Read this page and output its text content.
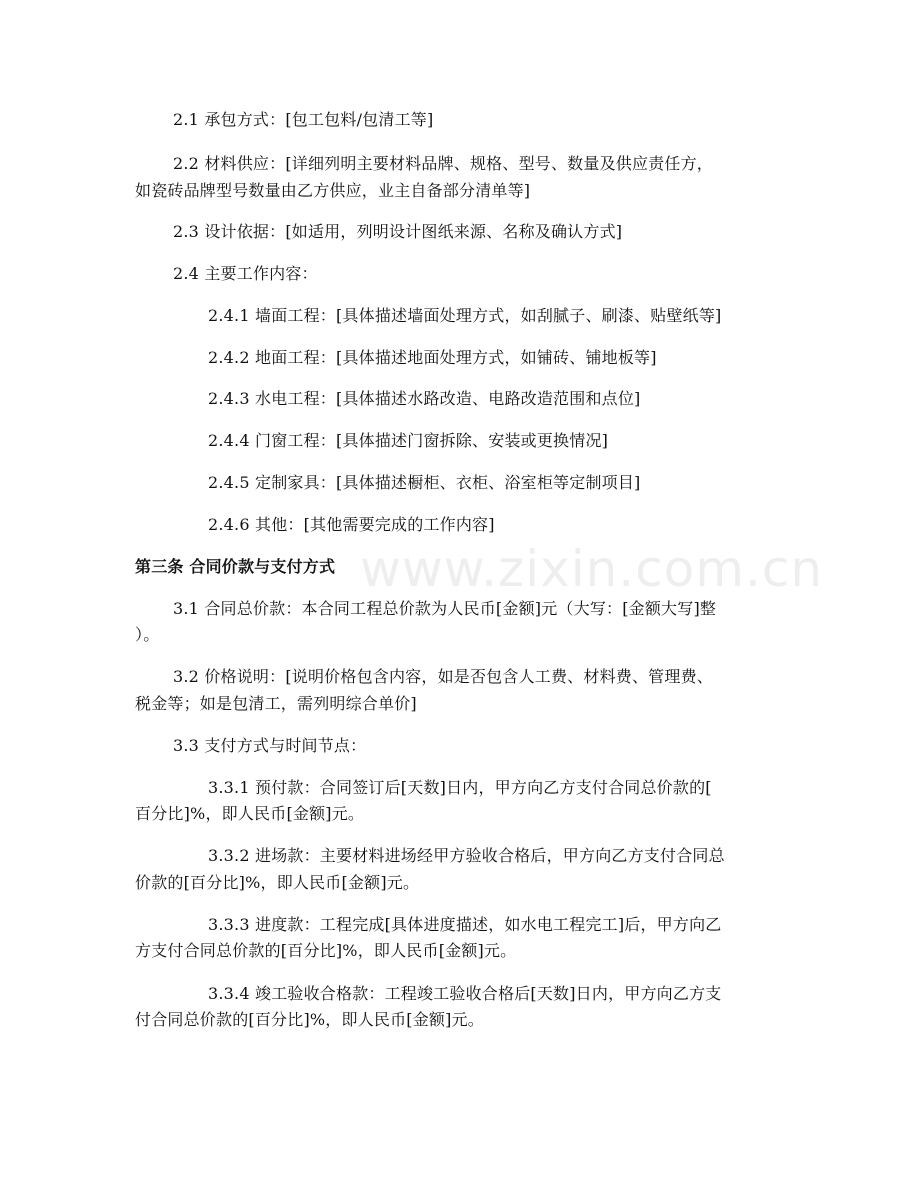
www.zixin.com.cn

2.1 承包方式：[包工包料/包清工等]

2.2 材料供应：[详细列明主要材料品牌、规格、型号、数量及供应责任方，

如瓷砖品牌型号数量由乙方供应，业主自备部分清单等]

2.3 设计依据：[如适用，列明设计图纸来源、名称及确认方式]

2.4 主要工作内容：

2.4.1 墙面工程：[具体描述墙面处理方式，如刮腻子、刷漆、贴壁纸等]

2.4.2 地面工程：[具体描述地面处理方式，如铺砖、铺地板等]

2.4.3 水电工程：[具体描述水路改造、电路改造范围和点位]

2.4.4 门窗工程：[具体描述门窗拆除、安装或更换情况]

2.4.5 定制家具：[具体描述橱柜、衣柜、浴室柜等定制项目]

2.4.6 其他：[其他需要完成的工作内容]

第三条 合同价款与支付方式

3.1 合同总价款：本合同工程总价款为人民币[金额]元（大写：[金额大写]整

）。

3.2 价格说明：[说明价格包含内容，如是否包含人工费、材料费、管理费、

税金等；如是包清工，需列明综合单价]

3.3 支付方式与时间节点：

3.3.1 预付款：合同签订后[天数]日内，甲方向乙方支付合同总价款的[

百分比]%，即人民币[金额]元。

3.3.2 进场款：主要材料进场经甲方验收合格后，甲方向乙方支付合同总

价款的[百分比]%，即人民币[金额]元。

3.3.3 进度款：工程完成[具体进度描述，如水电工程完工]后，甲方向乙

方支付合同总价款的[百分比]%，即人民币[金额]元。

3.3.4 竣工验收合格款：工程竣工验收合格后[天数]日内，甲方向乙方支

付合同总价款的[百分比]%，即人民币[金额]元。
